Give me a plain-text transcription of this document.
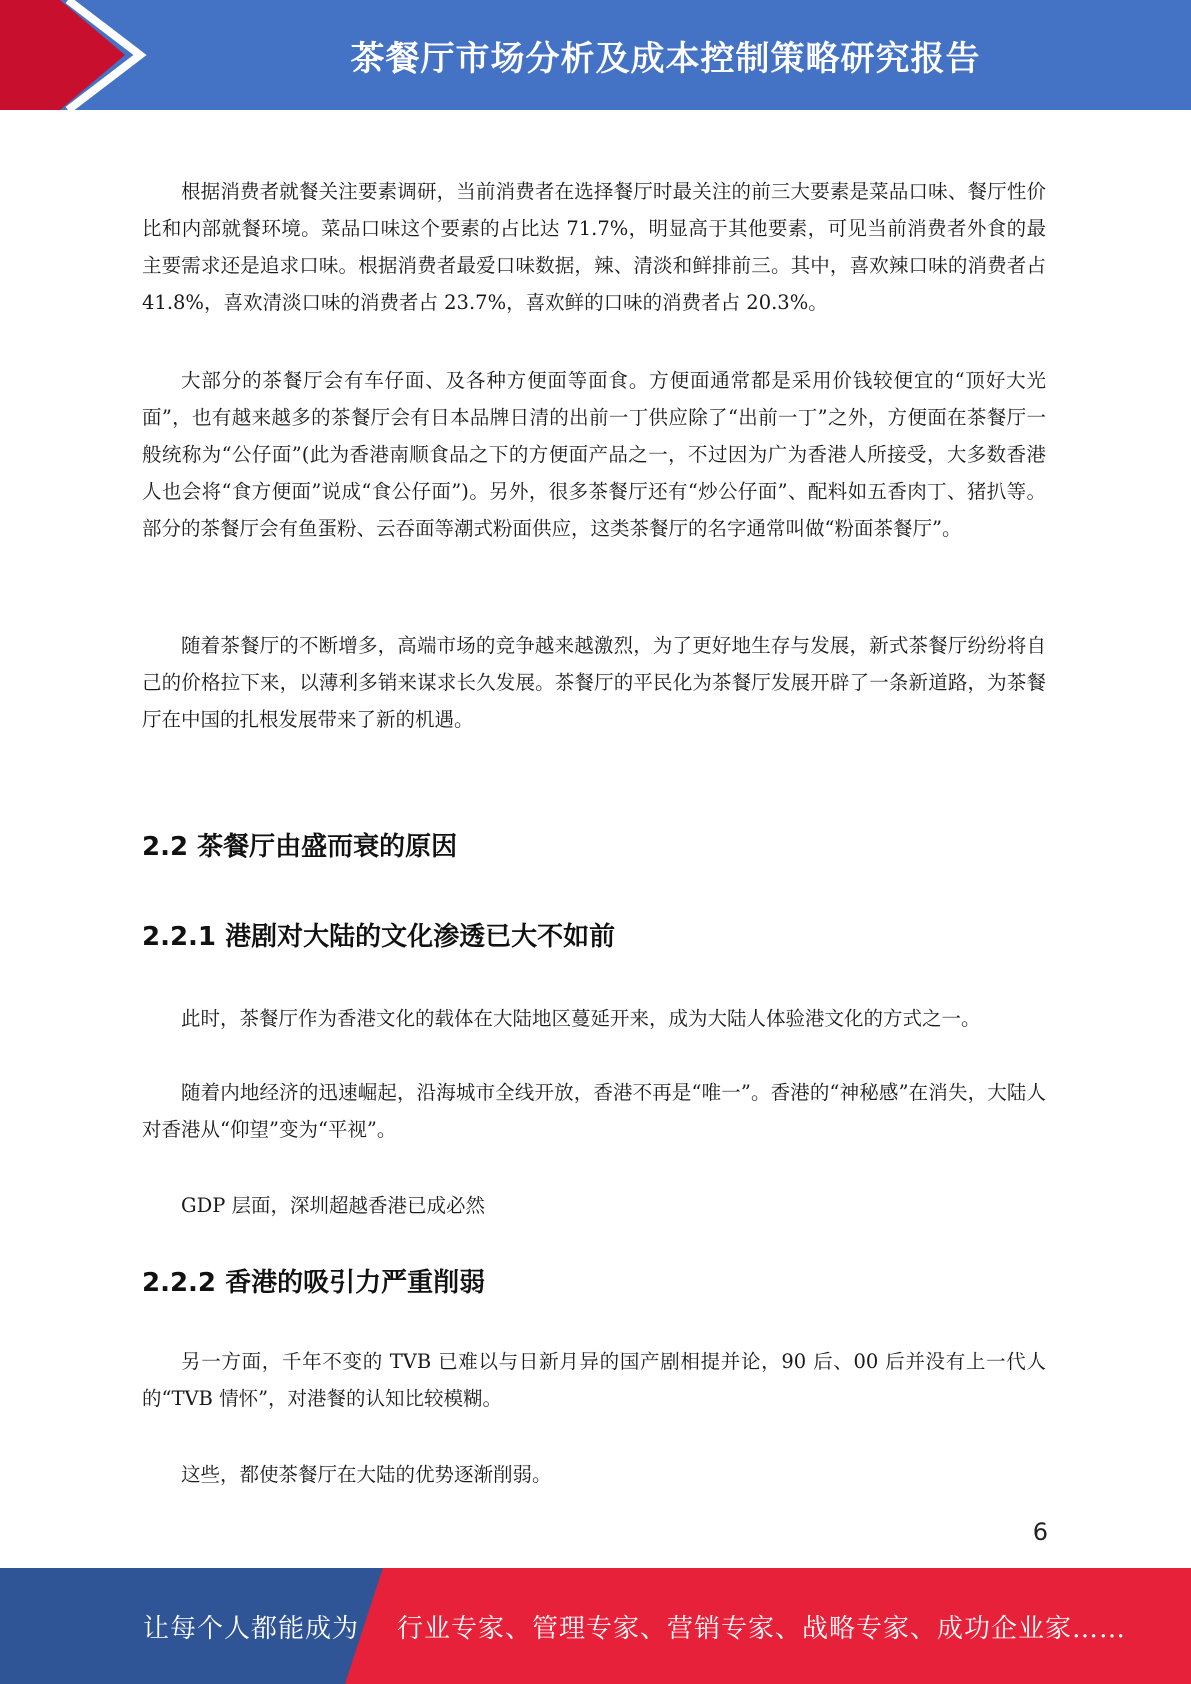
茶餐厅市场分析及成本控制策略研究报告

根据消费者就餐关注要素调研，当前消费者在选择餐厅时最关注的前三大要素是菜品口味、餐厅性价比和内部就餐环境。菜品口味这个要素的占比达 71.7%，明显高于其他要素，可见当前消费者外食的最主要需求还是追求口味。根据消费者最爱口味数据，辣、清淡和鲜排前三。其中，喜欢辣口味的消费者占 41.8%，喜欢清淡口味的消费者占 23.7%，喜欢鲜的口味的消费者占 20.3%。

大部分的茶餐厅会有车仔面、及各种方便面等面食。方便面通常都是采用价钱较便宜的“顶好大光面”，也有越来越多的茶餐厅会有日本品牌日清的出前一丁供应除了“出前一丁”之外，方便面在茶餐厅一般统称为“公仔面”(此为香港南顺食品之下的方便面产品之一，不过因为广为香港人所接受，大多数香港人也会将“食方便面”说成“食公仔面”)。另外，很多茶餐厅还有“炒公仔面”、配料如五香肉丁、猪扒等。部分的茶餐厅会有鱼蛋粉、云吞面等潮式粉面供应，这类茶餐厅的名字通常叫做“粉面茶餐厅”。

随着茶餐厅的不断增多，高端市场的竞争越来越激烈，为了更好地生存与发展，新式茶餐厅纷纷将自己的价格拉下来，以薄利多销来谋求长久发展。茶餐厅的平民化为茶餐厅发展开辟了一条新道路，为茶餐厅在中国的扎根发展带来了新的机遇。

2.2 茶餐厅由盛而衰的原因
2.2.1 港剧对大陆的文化渗透已大不如前

此时，茶餐厅作为香港文化的载体在大陆地区蔓延开来，成为大陆人体验港文化的方式之一。

随着内地经济的迅速崛起，沿海城市全线开放，香港不再是“唯一”。香港的“神秘感”在消失，大陆人对香港从“仰望”变为“平视”。

GDP 层面，深圳超越香港已成必然

2.2.2 香港的吸引力严重削弱

另一方面，千年不变的 TVB 已难以与日新月异的国产剧相提并论，90 后、00 后并没有上一代人的“TVB 情怀”，对港餐的认知比较模糊。

这些，都使茶餐厅在大陆的优势逐渐削弱。

6
让每个人都能成为 行业专家、管理专家、营销专家、战略专家、成功企业家……
